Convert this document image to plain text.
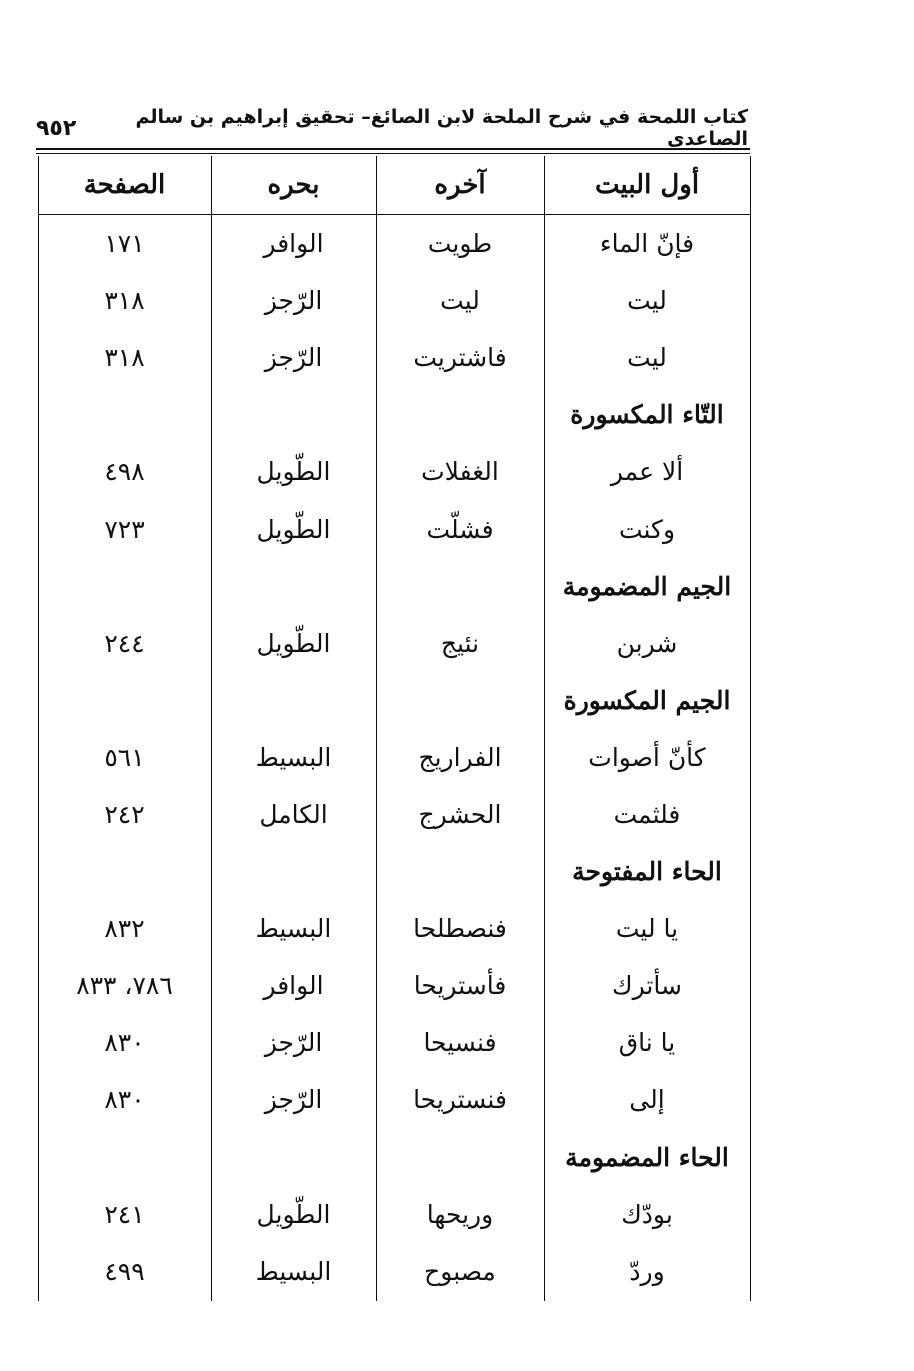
كتاب اللمحة في شرح الملحة لابن الصائغ– تحقيق إبراهيم بن سالم الصاعدي
٩٥٢
أول البيت
آخره
بحره
الصفحة
فإنّ الماء
طويت
الوافر
١٧١
ليت
ليت
الرّجز
٣١٨
ليت
فاشتريت
الرّجز
٣١٨
التّاء المكسورة
ألا عمر
الغفلات
الطّويل
٤٩٨
وكنت
فشلّت
الطّويل
٧٢٣
الجيم المضمومة
شربن
نئيج
الطّويل
٢٤٤
الجيم المكسورة
كأنّ أصوات
الفراريج
البسيط
٥٦١
فلثمت
الحشرج
الكامل
٢٤٢
الحاء المفتوحة
يا ليت
فنصطلحا
البسيط
٨٣٢
سأترك
فأستريحا
الوافر
٧٨٦، ٨٣٣
يا ناق
فنسيحا
الرّجز
٨٣٠
إلى
فنستريحا
الرّجز
٨٣٠
الحاء المضمومة
بودّك
وريحها
الطّويل
٢٤١
وردّ
مصبوح
البسيط
٤٩٩
